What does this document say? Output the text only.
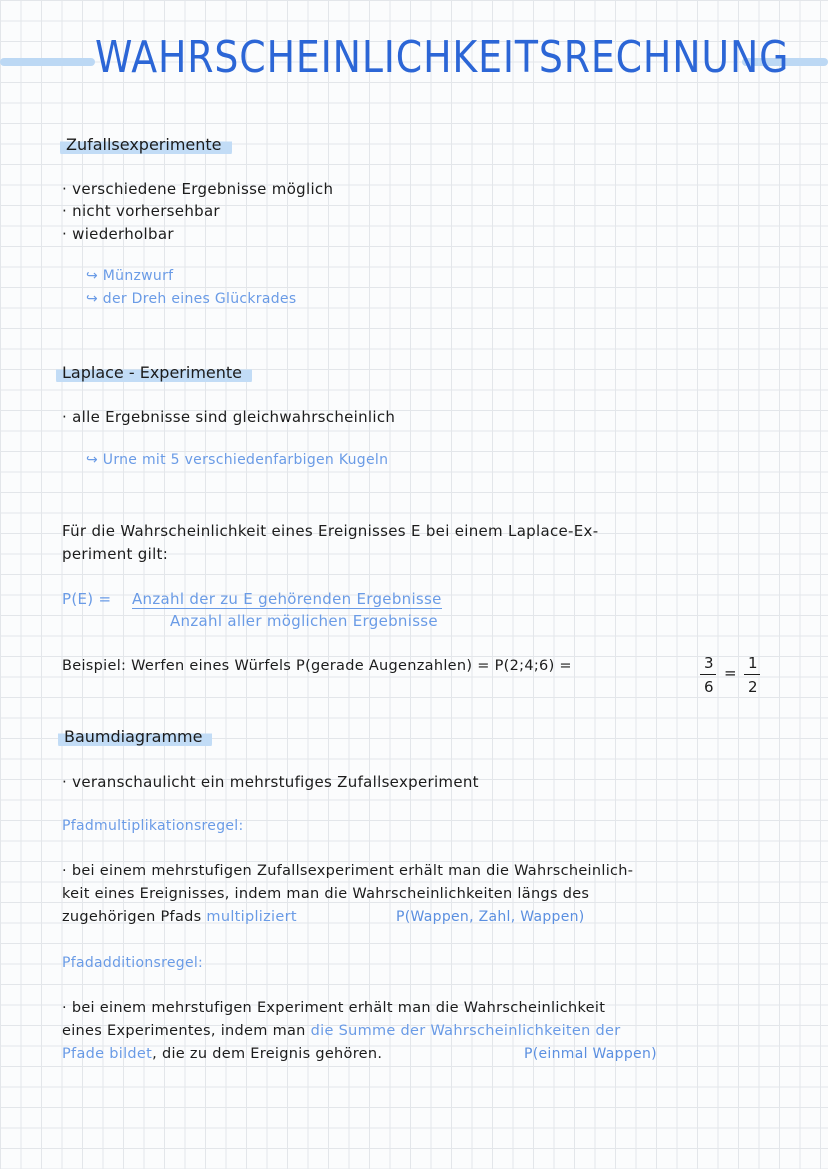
WAHRSCHEINLICHKEITSRECHNUNG
Zufallsexperimente
· verschiedene Ergebnisse möglich
· nicht vorhersehbar
· wiederholbar
↪ Münzwurf
↪ der Dreh eines Glückrades
Laplace - Experimente
· alle Ergebnisse sind gleichwahrscheinlich
↪ Urne mit 5 verschiedenfarbigen Kugeln
Für die Wahrscheinlichkeit eines Ereignisses E bei einem Laplace-Ex-
periment gilt:
P(E) = Anzahl der zu E gehörenden Ergebnisse
Anzahl aller möglichen Ergebnisse
Beispiel: Werfen eines Würfels P(gerade Augenzahlen) = P(2;4;6) =	3
6
=
1
2
Baumdiagramme
· veranschaulicht ein mehrstufiges Zufallsexperiment
Pfadmultiplikationsregel:
· bei einem mehrstufigen Zufallsexperiment erhält man die Wahrscheinlich-
keit eines Ereignisses, indem man die Wahrscheinlichkeiten längs des
zugehörigen Pfads multipliziert	P(Wappen, Zahl, Wappen)
Pfadadditionsregel:
· bei einem mehrstufigen Experiment erhält man die Wahrscheinlichkeit
eines Experimentes, indem man die Summe der Wahrscheinlichkeiten der
Pfade bildet, die zu dem Ereignis gehören.	P(einmal Wappen)
